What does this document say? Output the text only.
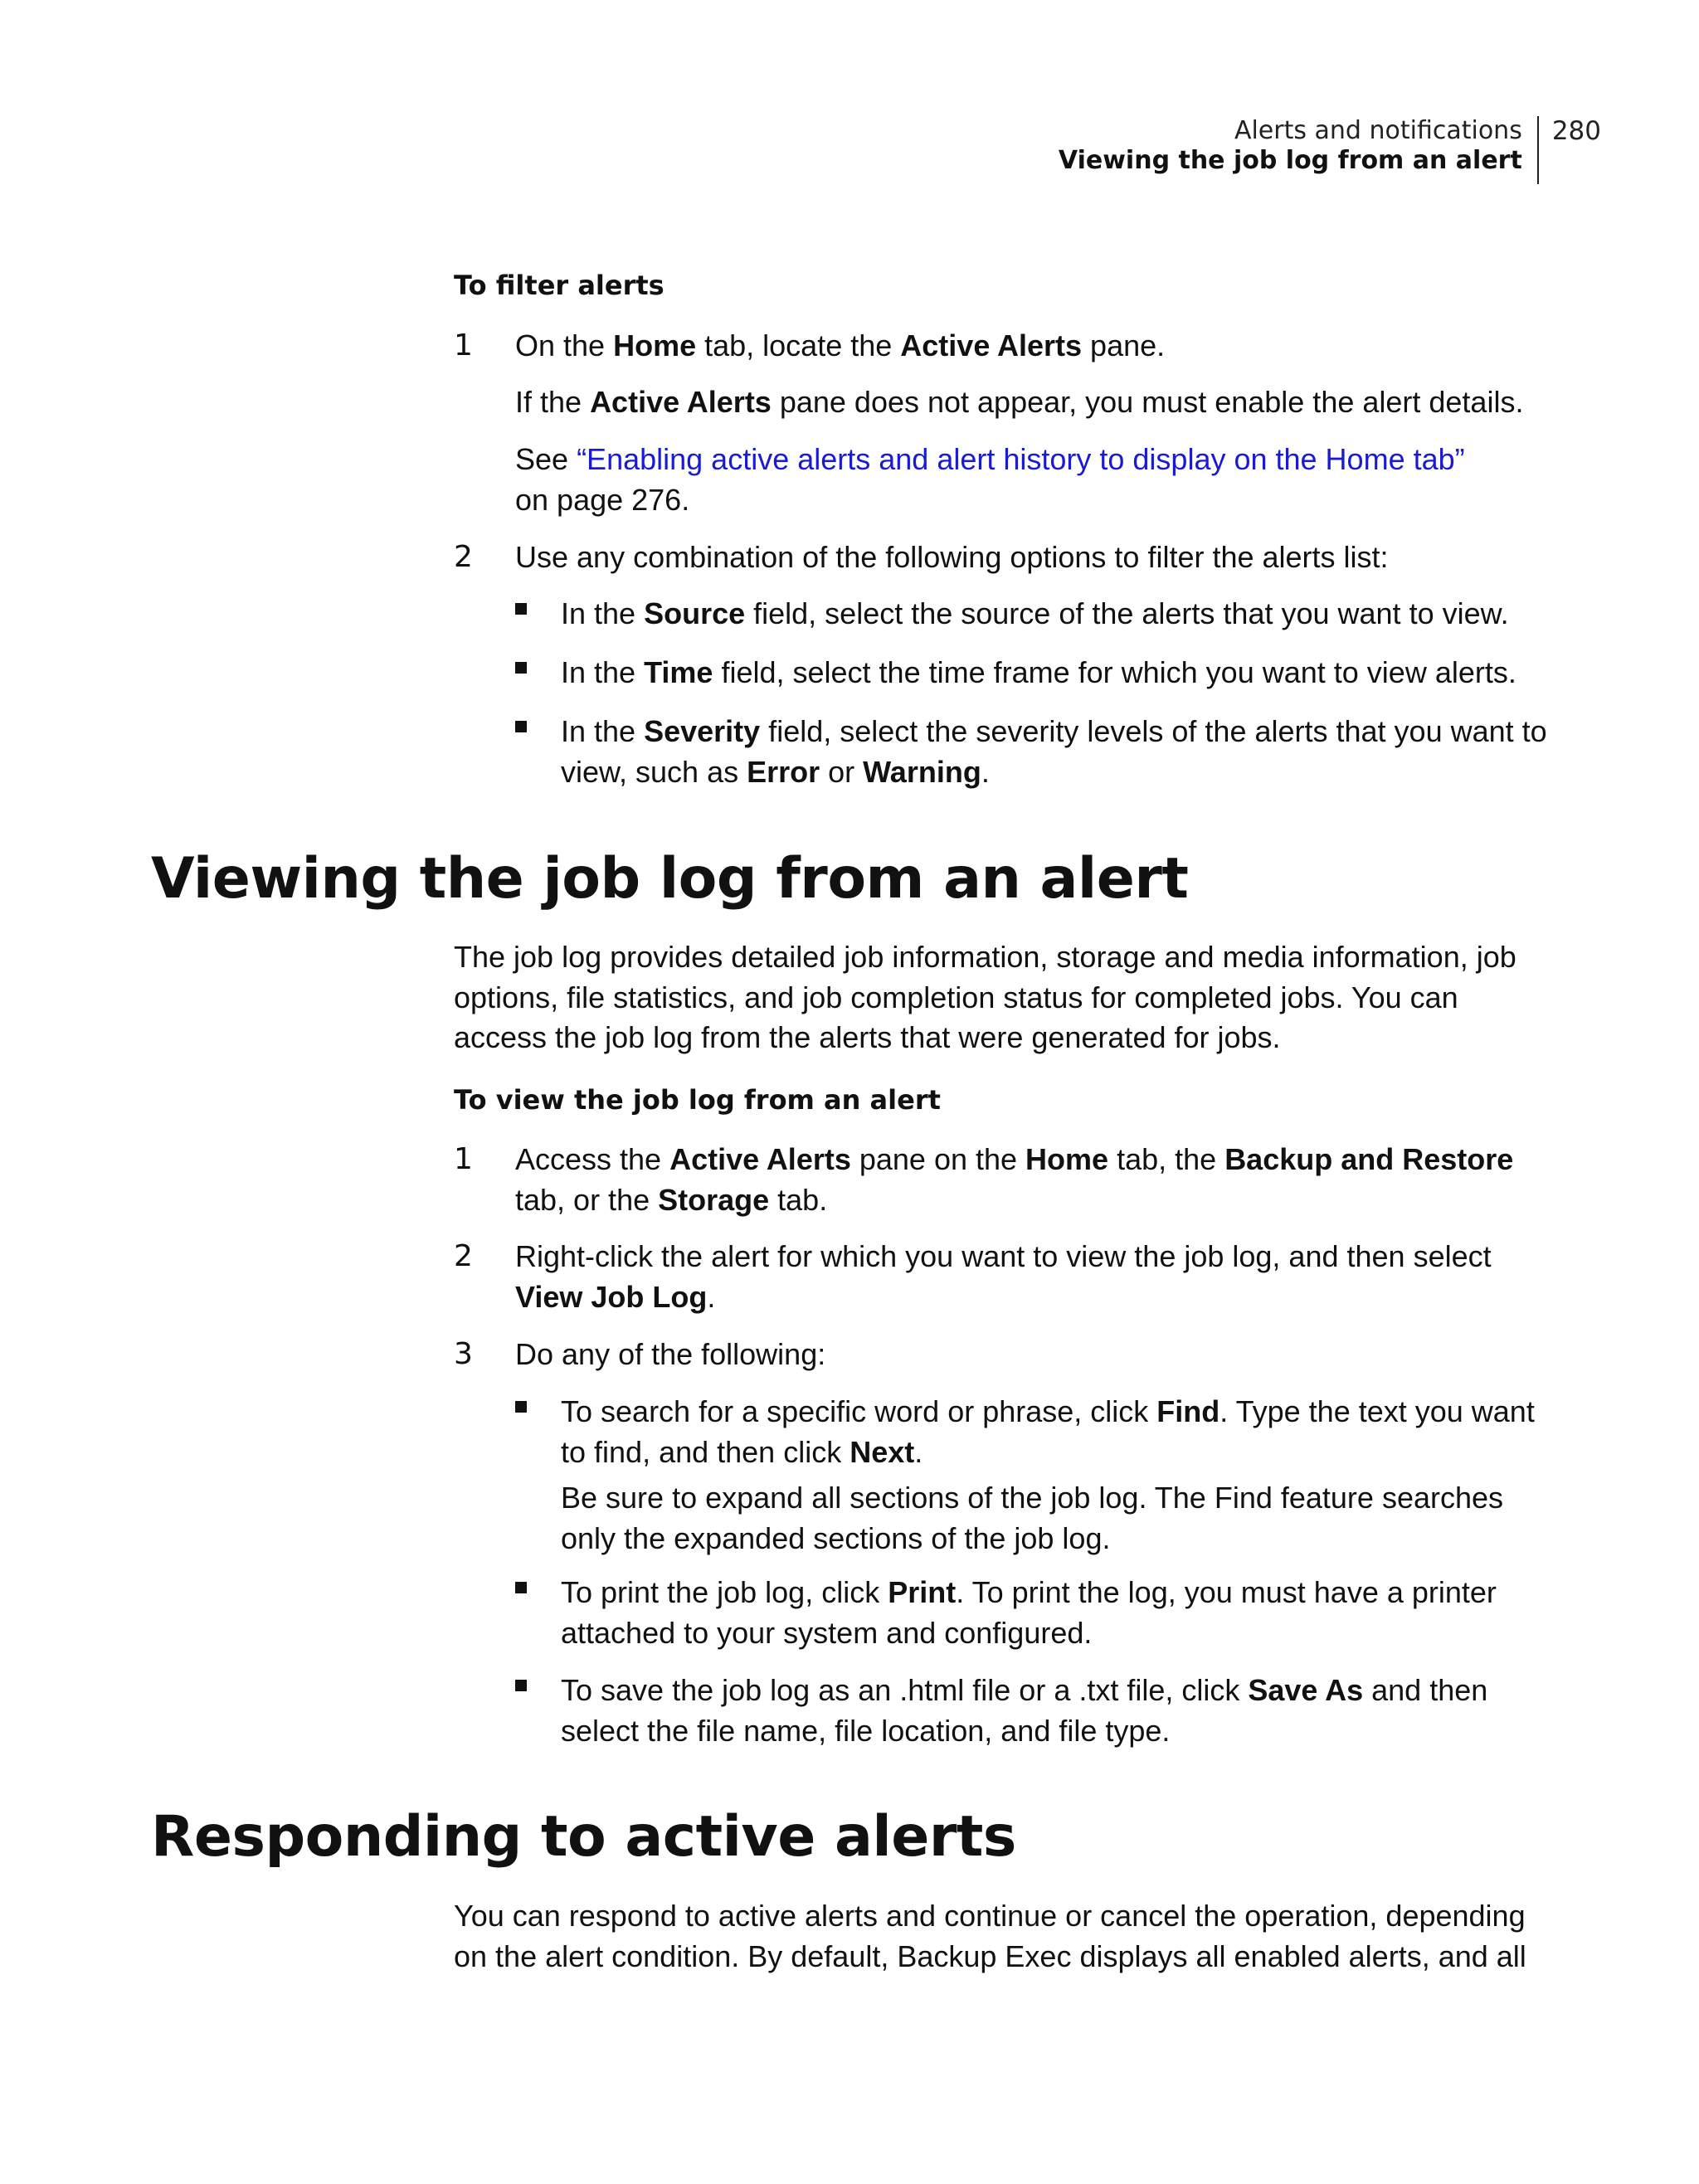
Alerts and notifications
Viewing the job log from an alert
280
To filter alerts
1 On the Home tab, locate the Active Alerts pane.
If the Active Alerts pane does not appear, you must enable the alert details.
See “Enabling active alerts and alert history to display on the Home tab”
on page 276.
2 Use any combination of the following options to filter the alerts list:
In the Source field, select the source of the alerts that you want to view.
In the Time field, select the time frame for which you want to view alerts.
In the Severity field, select the severity levels of the alerts that you want to view, such as Error or Warning.
Viewing the job log from an alert
The job log provides detailed job information, storage and media information, job options, file statistics, and job completion status for completed jobs. You can access the job log from the alerts that were generated for jobs.
To view the job log from an alert
1 Access the Active Alerts pane on the Home tab, the Backup and Restore tab, or the Storage tab.
2 Right-click the alert for which you want to view the job log, and then select View Job Log.
3 Do any of the following:
To search for a specific word or phrase, click Find. Type the text you want to find, and then click Next.
Be sure to expand all sections of the job log. The Find feature searches only the expanded sections of the job log.
To print the job log, click Print. To print the log, you must have a printer attached to your system and configured.
To save the job log as an .html file or a .txt file, click Save As and then select the file name, file location, and file type.
Responding to active alerts
You can respond to active alerts and continue or cancel the operation, depending on the alert condition. By default, Backup Exec displays all enabled alerts, and all
